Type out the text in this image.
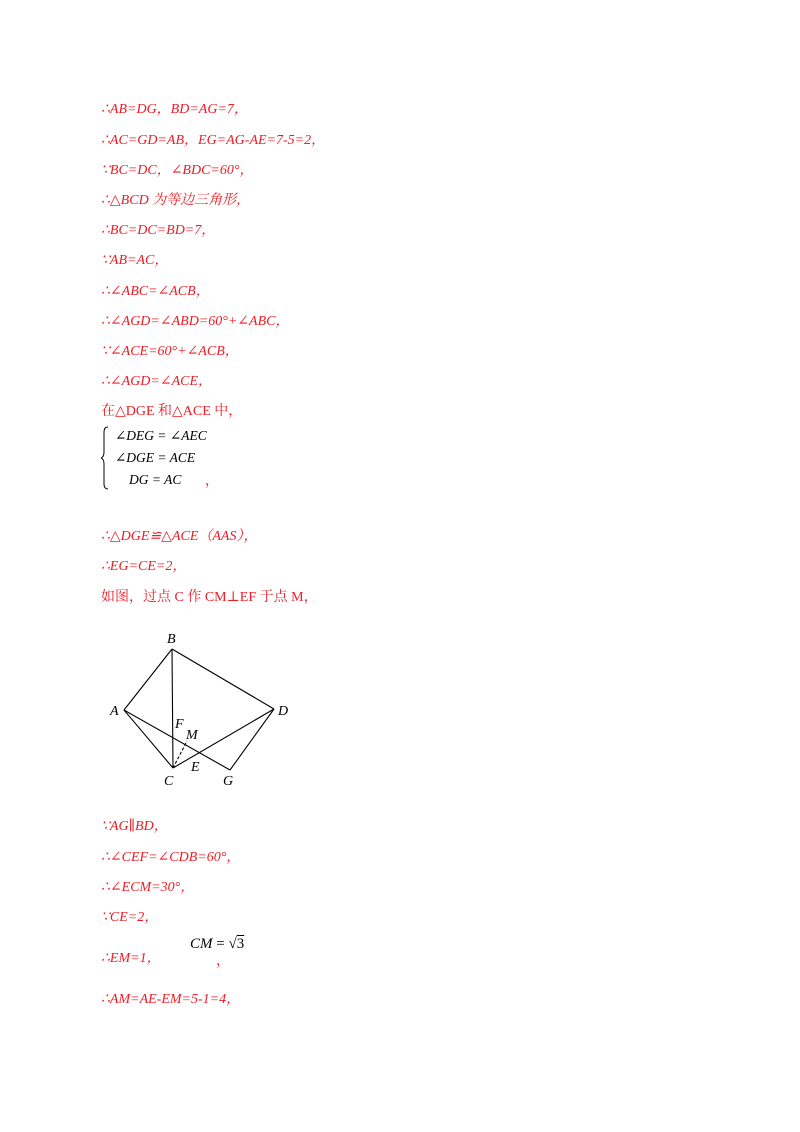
∴AB=DG，BD=AG=7，
∴AC=GD=AB，EG=AG-AE=7-5=2，
∵BC=DC，∠BDC=60°，
∴△BCD 为等边三角形，
∴BC=DC=BD=7，
∵AB=AC，
∴∠ABC=∠ACB，
∴∠AGD=∠ABD=60°+∠ABC，
∵∠ACE=60°+∠ACB，
∴∠AGD=∠ACE，
在△DGE 和△ACE 中，
∠DEG = ∠AEC
∠DGE = ACE
DG = AC ，
∴△DGE≌△ACE（AAS），
∴EG=CE=2，
如图，过点 C 作 CM⊥EF 于点 M，
B
A	D
F
M
E
C	G
∵AG∥BD，
∴∠CEF=∠CDB=60°，
∴∠ECM=30°，
∵CE=2，
∴EM=1，
CM = √3
，
∴AM=AE-EM=5-1=4，
